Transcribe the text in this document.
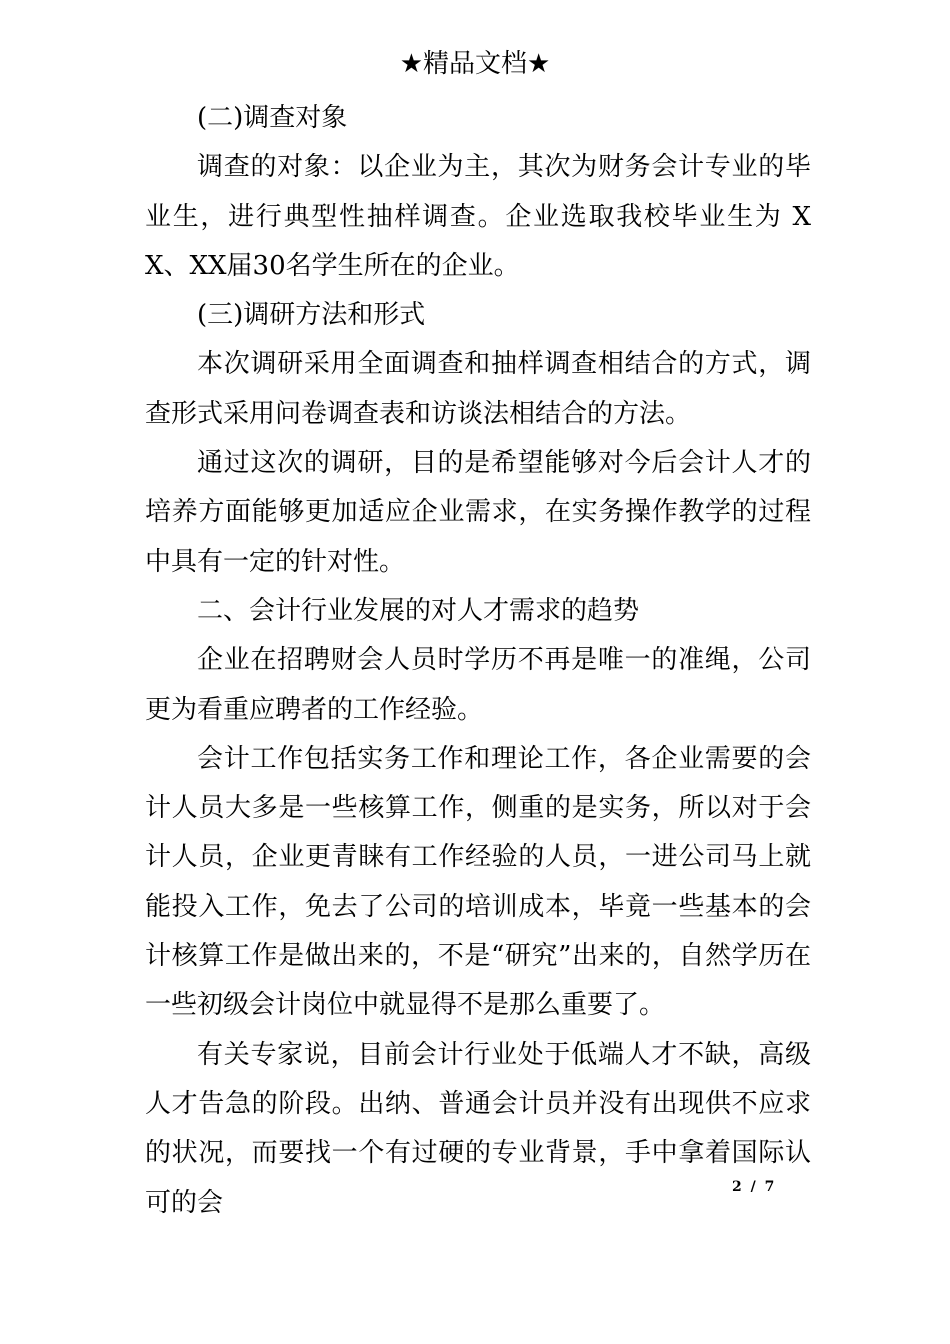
★精品文档★

(二)调查对象

调查的对象：以企业为主，其次为财务会计专业的毕业生，进行典型性抽样调查。企业选取我校毕业生为 XX、XX届30名学生所在的企业。

(三)调研方法和形式

本次调研采用全面调查和抽样调查相结合的方式，调查形式采用问卷调查表和访谈法相结合的方法。

通过这次的调研，目的是希望能够对今后会计人才的培养方面能够更加适应企业需求，在实务操作教学的过程中具有一定的针对性。

二、会计行业发展的对人才需求的趋势

企业在招聘财会人员时学历不再是唯一的准绳，公司更为看重应聘者的工作经验。

会计工作包括实务工作和理论工作，各企业需要的会计人员大多是一些核算工作，侧重的是实务，所以对于会计人员，企业更青睐有工作经验的人员，一进公司马上就能投入工作，免去了公司的培训成本，毕竟一些基本的会计核算工作是做出来的，不是“研究”出来的，自然学历在一些初级会计岗位中就显得不是那么重要了。

有关专家说，目前会计行业处于低端人才不缺，高级人才告急的阶段。出纳、普通会计员并没有出现供不应求的状况，而要找一个有过硬的专业背景，手中拿着国际认可的会

2 / 7
